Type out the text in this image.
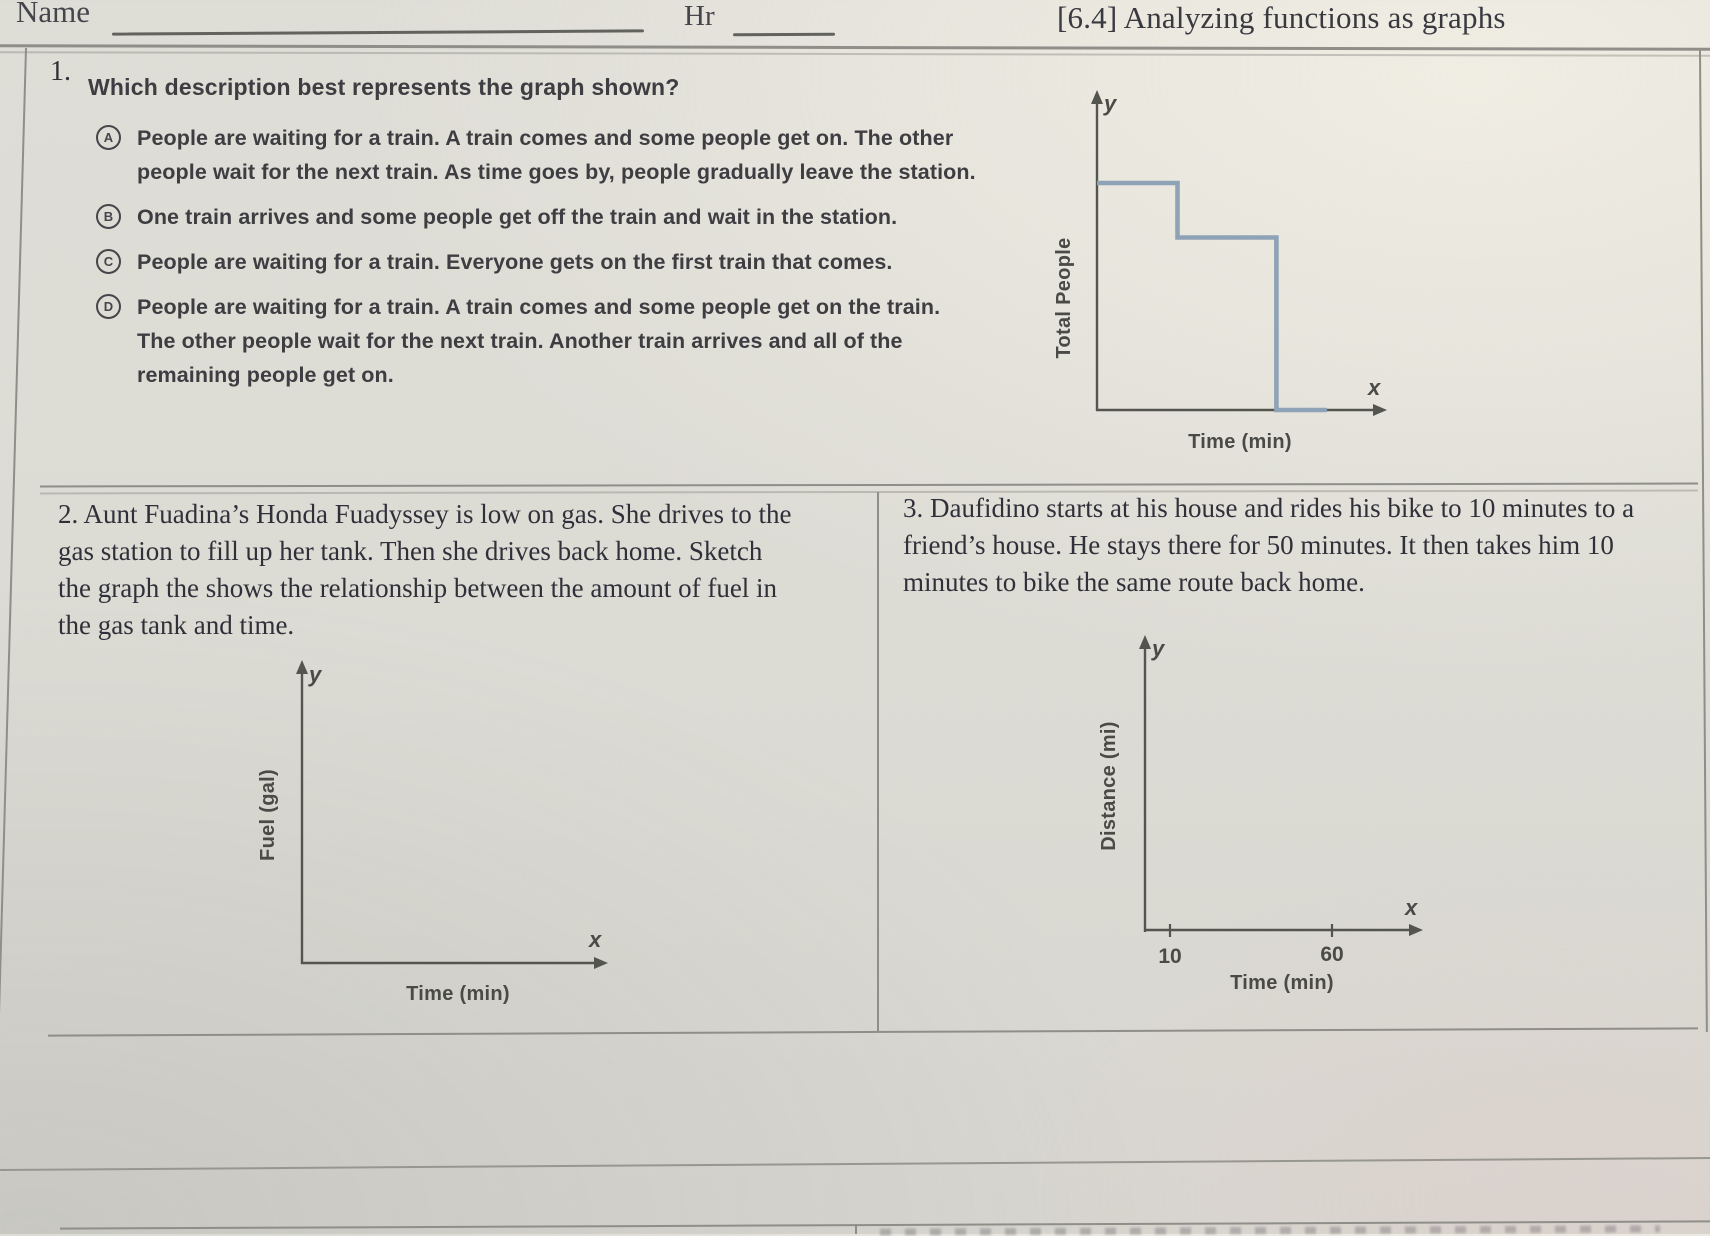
Name	Hr	[6.4] Analyzing functions as graphs
1. Which description best represents the graph shown?
A	People are waiting for a train. A train comes and some people get on. The other people wait for the next train. As time goes by, people gradually leave the station.
B	One train arrives and some people get off the train and wait in the station.
C	People are waiting for a train. Everyone gets on the first train that comes.
D	People are waiting for a train. A train comes and some people get on the train. The other people wait for the next train. Another train arrives and all of the remaining people get on.
y
x
Total People
Time (min)
2. Aunt Fuadina’s Honda Fuadyssey is low on gas. She drives to the gas station to fill up her tank. Then she drives back home. Sketch the graph the shows the relationship between the amount of fuel in the gas tank and time.
y
x
Fuel (gal)
Time (min)
3. Daufidino starts at his house and rides his bike to 10 minutes to a friend’s house. He stays there for 50 minutes. It then takes him 10 minutes to bike the same route back home.
10	60
y
x
Distance (mi)
Time (min)
